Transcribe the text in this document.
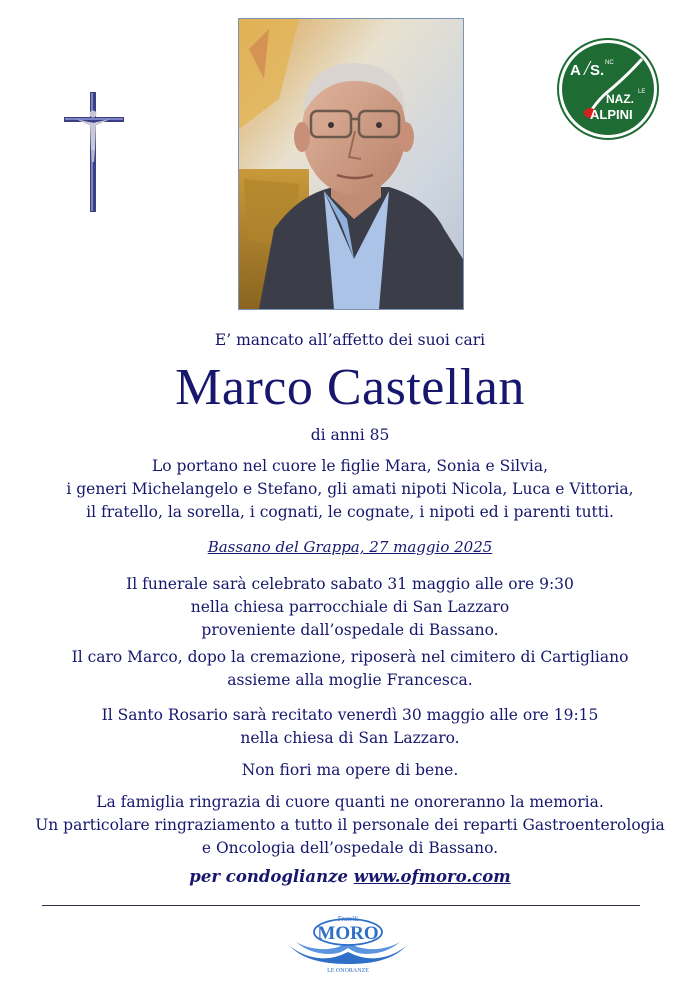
A / S. NC
NAZ. LE
ALPINI
E’ mancato all’affetto dei suoi cari
Marco Castellan
di anni 85
Lo portano nel cuore le figlie Mara, Sonia e Silvia,
i generi Michelangelo e Stefano, gli amati nipoti Nicola, Luca e Vittoria,
il fratello, la sorella, i cognati, le cognate, i nipoti ed i parenti tutti.
Bassano del Grappa, 27 maggio 2025
Il funerale sarà celebrato sabato 31 maggio alle ore 9:30
nella chiesa parrocchiale di San Lazzaro
proveniente dall’ospedale di Bassano.
Il caro Marco, dopo la cremazione, riposerà nel cimitero di Cartigliano
assieme alla moglie Francesca.
Il Santo Rosario sarà recitato venerdì 30 maggio alle ore 19:15
nella chiesa di San Lazzaro.
Non fiori ma opere di bene.
La famiglia ringrazia di cuore quanti ne onoreranno la memoria.
Un particolare ringraziamento a tutto il personale dei reparti Gastroenterologia
e Oncologia dell’ospedale di Bassano.
per condoglianze www.ofmoro.com
Fratelli
MORO
LE ONORANZE
